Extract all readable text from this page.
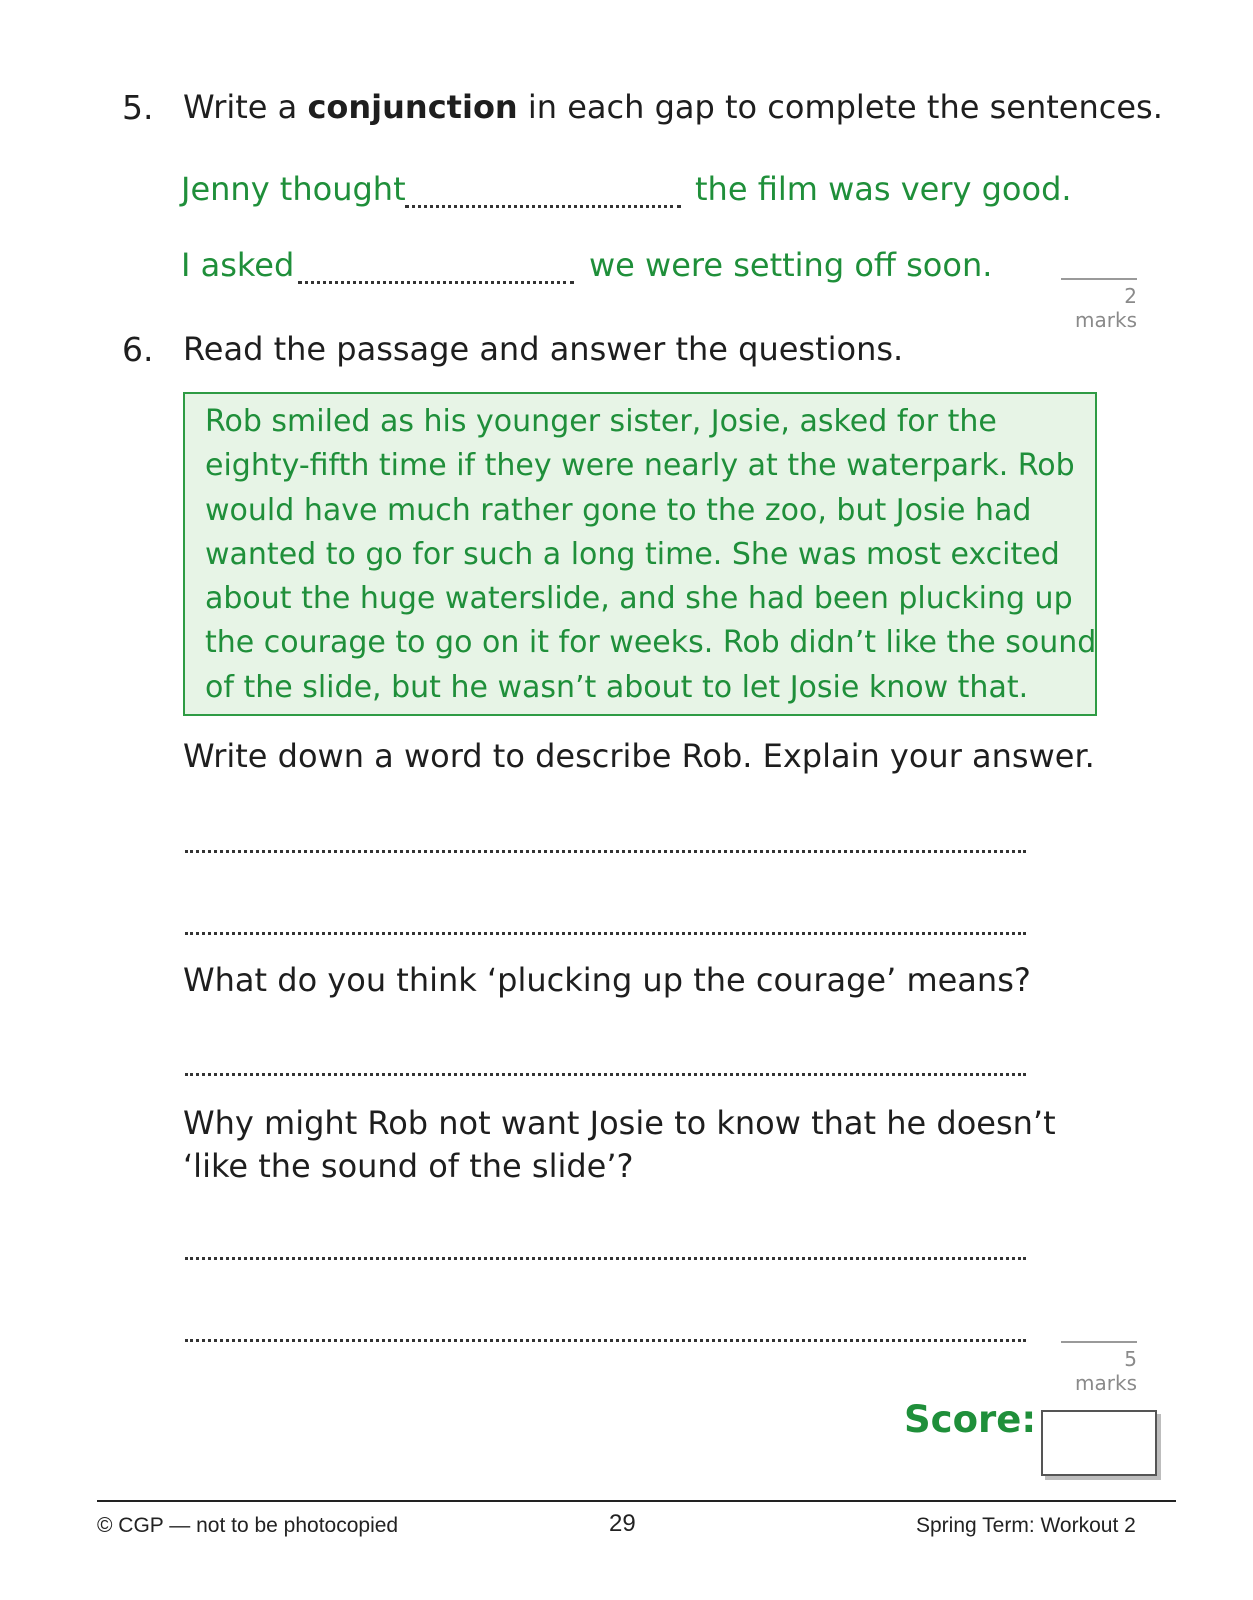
5. Write a conjunction in each gap to complete the sentences.
Jenny thought	the film was very good.
I asked	we were setting off soon.
2 marks
6. Read the passage and answer the questions.

Rob smiled as his younger sister, Josie, asked for the

eighty-fifth time if they were nearly at the waterpark. Rob

would have much rather gone to the zoo, but Josie had

wanted to go for such a long time. She was most excited

about the huge waterslide, and she had been plucking up

the courage to go on it for weeks. Rob didn’t like the sound

of the slide, but he wasn’t about to let Josie know that.

Write down a word to describe Rob. Explain your answer.
What do you think ‘plucking up the courage’ means?
Why might Rob not want Josie to know that he doesn’t
‘like the sound of the slide’?
5 marks
Score:
© CGP — not to be photocopied	29	Spring Term: Workout 2
